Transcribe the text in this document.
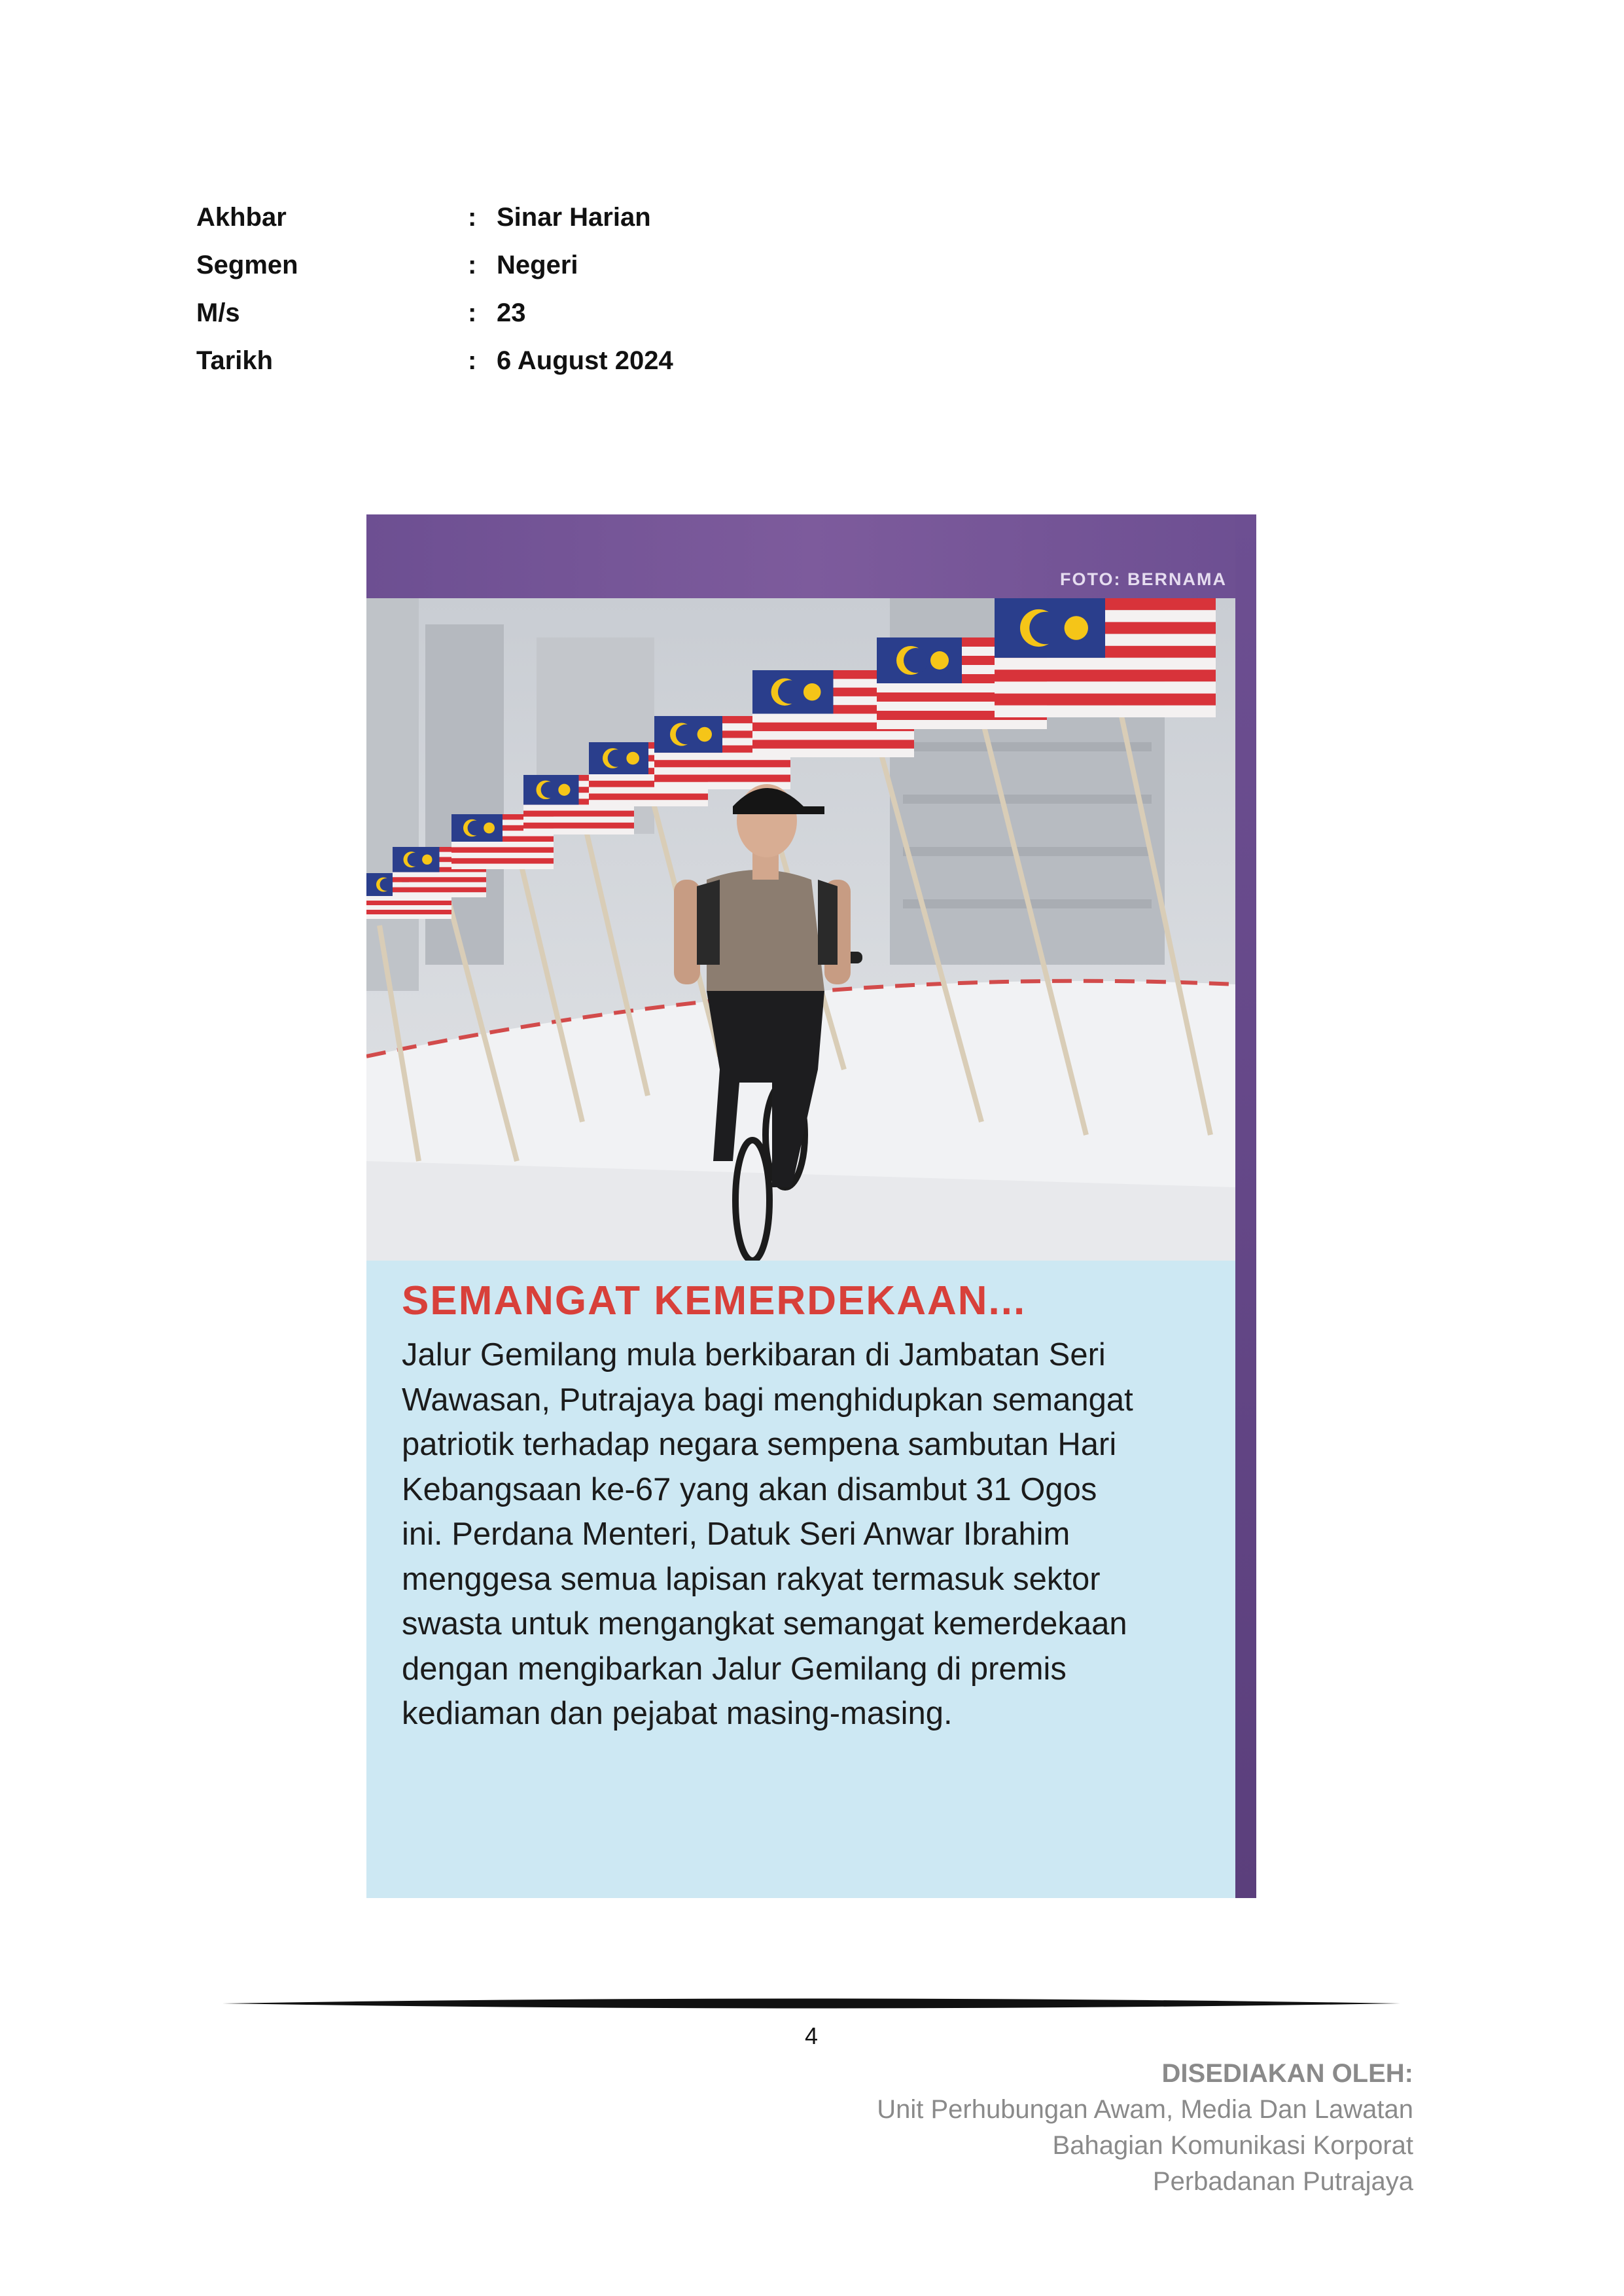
Akhbar	: Sinar Harian
Segmen	: Negeri
M/s	: 23
Tarikh	: 6 August 2024
FOTO: BERNAMA
SEMANGAT KEMERDEKAAN...

Jalur Gemilang mula berkibaran di Jambatan Seri
Wawasan, Putrajaya bagi menghidupkan semangat
patriotik terhadap negara sempena sambutan Hari
Kebangsaan ke-67 yang akan disambut 31 Ogos
ini. Perdana Menteri, Datuk Seri Anwar Ibrahim
menggesa semua lapisan rakyat termasuk sektor
swasta untuk mengangkat semangat kemerdekaan
dengan mengibarkan Jalur Gemilang di premis
kediaman dan pejabat masing-masing.

4
DISEDIAKAN OLEH:
Unit Perhubungan Awam, Media Dan Lawatan
Bahagian Komunikasi Korporat
Perbadanan Putrajaya
